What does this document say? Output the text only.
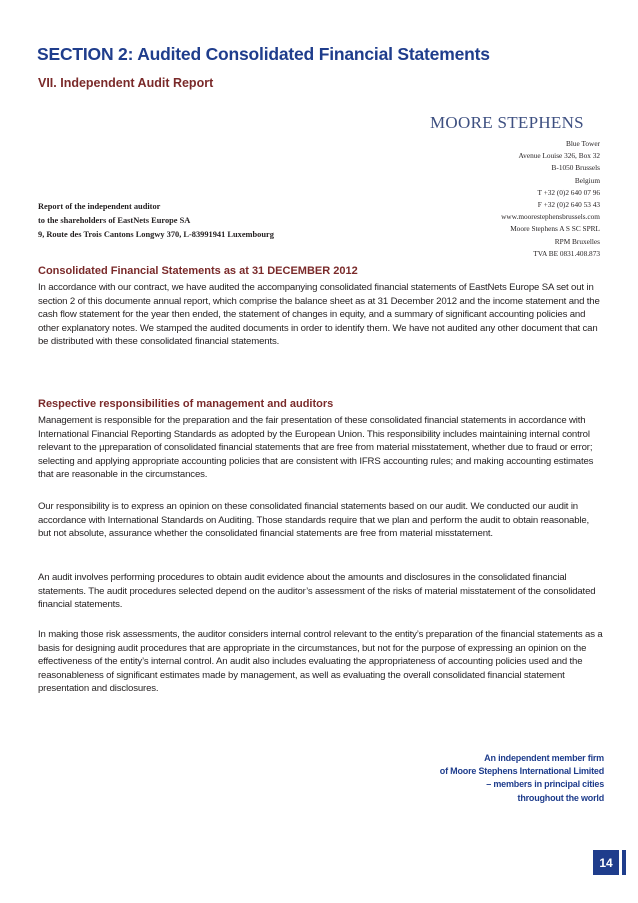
SECTION 2: Audited Consolidated Financial Statements
VII. Independent Audit Report
MOORE STEPHENS
Blue Tower
Avenue Louise 326, Box 32
B-1050 Brussels
Belgium
T +32 (0)2 640 07 96
F +32 (0)2 640 53 43
www.moorestephensbrussels.com
Moore Stephens A S SC SPRL
RPM Bruxelles
TVA BE 0831.408.873
Report of the independent auditor
to the shareholders of EastNets Europe SA
9, Route des Trois Cantons Longwy 370, L-83991941 Luxembourg
Consolidated Financial Statements as at 31 DECEMBER 2012

In accordance with our contract, we have audited the accompanying consolidated financial statements of EastNets Europe SA set out in section 2 of this documente annual report, which comprise the balance sheet as at 31 December 2012 and the income statement and the cash flow statement for the year then ended, the statement of changes in equity, and a summary of significant accounting policies and other explanatory notes. We stamped the audited documents in order to identify them. We have not audited any other document that can be distributed with these consolidated financial statements.

Respective responsibilities of management and auditors

Management is responsible for the preparation and the fair presentation of these consolidated financial statements in accordance with International Financial Reporting Standards as adopted by the European Union. This responsibility includes maintaining internal control relevant to the µpreparation of consolidated financial statements that are free from material misstatement, whether due to fraud or error; selecting and applying appropriate accounting policies that are consistent with IFRS accounting rules; and making accounting estimates that are reasonable in the circumstances.

Our responsibility is to express an opinion on these consolidated financial statements based on our audit. We conducted our audit in accordance with International Standards on Auditing. Those standards require that we plan and perform the audit to obtain reasonable, but not absolute, assurance whether the consolidated financial statements are free from material misstatement.

An audit involves performing procedures to obtain audit evidence about the amounts and disclosures in the consolidated financial statements. The audit procedures selected depend on the auditor’s assessment of the risks of material misstatement of the consolidated financial statements.

In making those risk assessments, the auditor considers internal control relevant to the entity’s preparation of the financial statements as a basis for designing audit procedures that are appropriate in the circumstances, but not for the purpose of expressing an opinion on the effectiveness of the entity’s internal control. An audit also includes evaluating the appropriateness of accounting policies used and the reasonableness of significant estimates made by management, as well as evaluating the overall consolidated financial statement presentation and disclosures.

An independent member firm
of Moore Stephens International Limited
– members in principal cities
throughout the world
14
